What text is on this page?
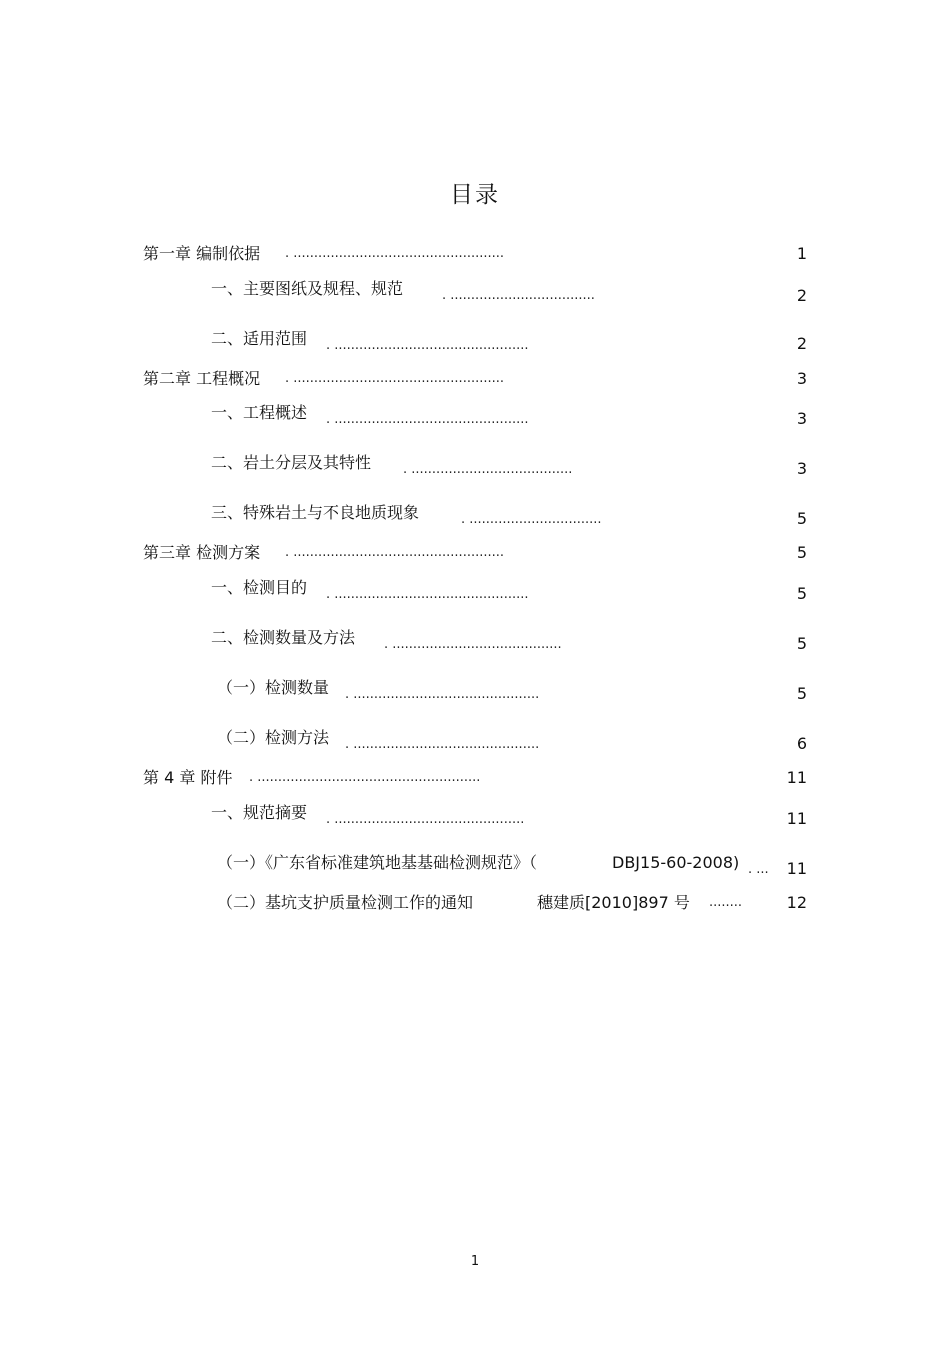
目录
第一章 编制依据 . ...................................................	1
一、主要图纸及规程、规范	. ...................................	2
二、适用范围 . ...............................................	2
第二章 工程概况 . ...................................................	3
一、工程概述 . ...............................................	3
二、岩土分层及其特性 . .......................................	3
三、特殊岩土与不良地质现象	. ................................	5
第三章 检测方案 . ...................................................	5
一、检测目的 . ...............................................	5
二、检测数量及方法 . .........................................	5
（一）检测数量 . .............................................	5
（二）检测方法 . .............................................	6
第 4 章 附件 . ......................................................	11
一、规范摘要 . ..............................................	11
（一）《广东省标准建筑地基基础检测规范》（	DBJ15-60-2008) . ...	11
（二）基坑支护质量检测工作的通知	穗建质[2010]897 号 ........	12
1
